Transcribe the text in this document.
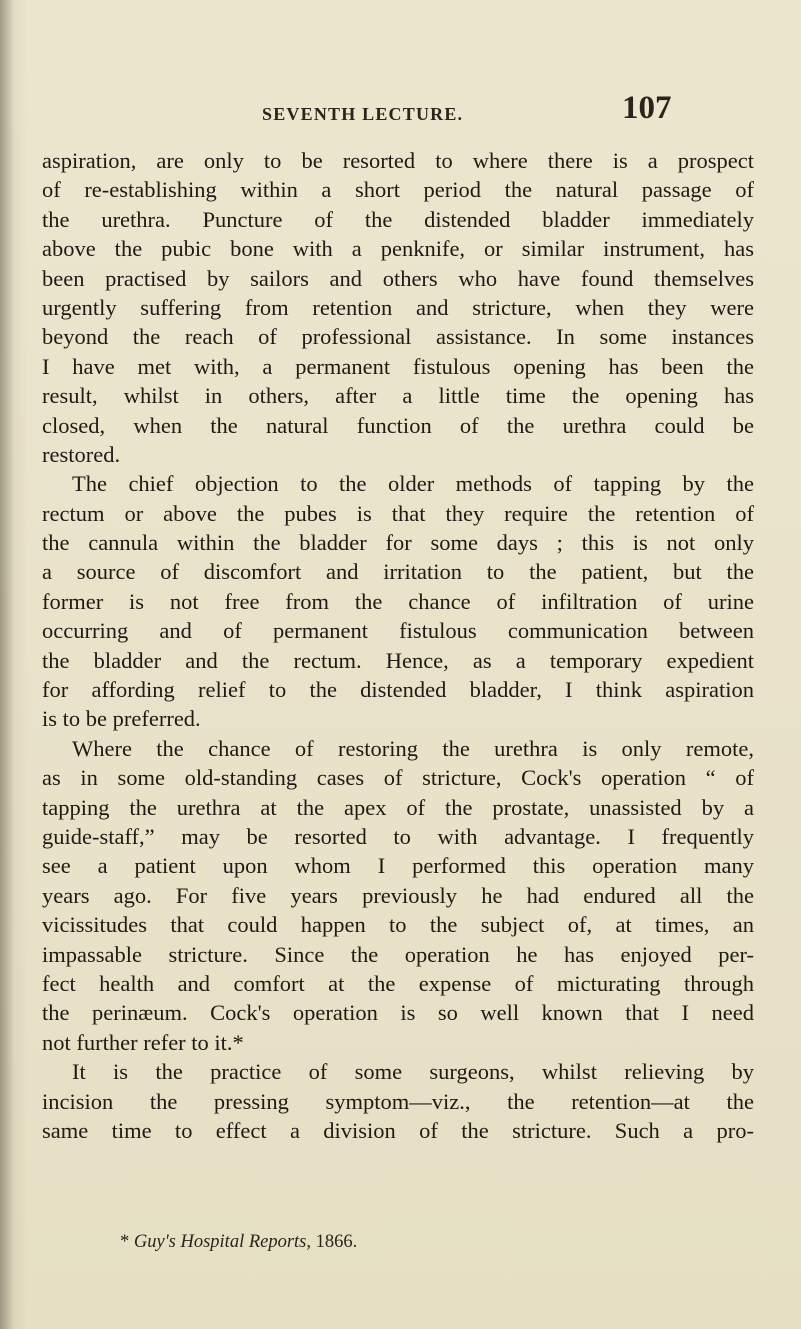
SEVENTH LECTURE.	107
aspiration, are only to be resorted to where there is a prospect
of re-establishing within a short period the natural passage of
the urethra. Puncture of the distended bladder immediately
above the pubic bone with a penknife, or similar instrument, has
been practised by sailors and others who have found themselves
urgently suffering from retention and stricture, when they were
beyond the reach of professional assistance. In some instances
I have met with, a permanent fistulous opening has been the
result, whilst in others, after a little time the opening has
closed, when the natural function of the urethra could be
restored.
The chief objection to the older methods of tapping by the
rectum or above the pubes is that they require the retention of
the cannula within the bladder for some days ; this is not only
a source of discomfort and irritation to the patient, but the
former is not free from the chance of infiltration of urine
occurring and of permanent fistulous communication between
the bladder and the rectum. Hence, as a temporary expedient
for affording relief to the distended bladder, I think aspiration
is to be preferred.
Where the chance of restoring the urethra is only remote,
as in some old-standing cases of stricture, Cock's operation “ of
tapping the urethra at the apex of the prostate, unassisted by a
guide-staff,” may be resorted to with advantage. I frequently
see a patient upon whom I performed this operation many
years ago. For five years previously he had endured all the
vicissitudes that could happen to the subject of, at times, an
impassable stricture. Since the operation he has enjoyed per-
fect health and comfort at the expense of micturating through
the perinæum. Cock's operation is so well known that I need
not further refer to it.*
It is the practice of some surgeons, whilst relieving by
incision the pressing symptom—viz., the retention—at the
same time to effect a division of the stricture. Such a pro-
* Guy's Hospital Reports, 1866.
